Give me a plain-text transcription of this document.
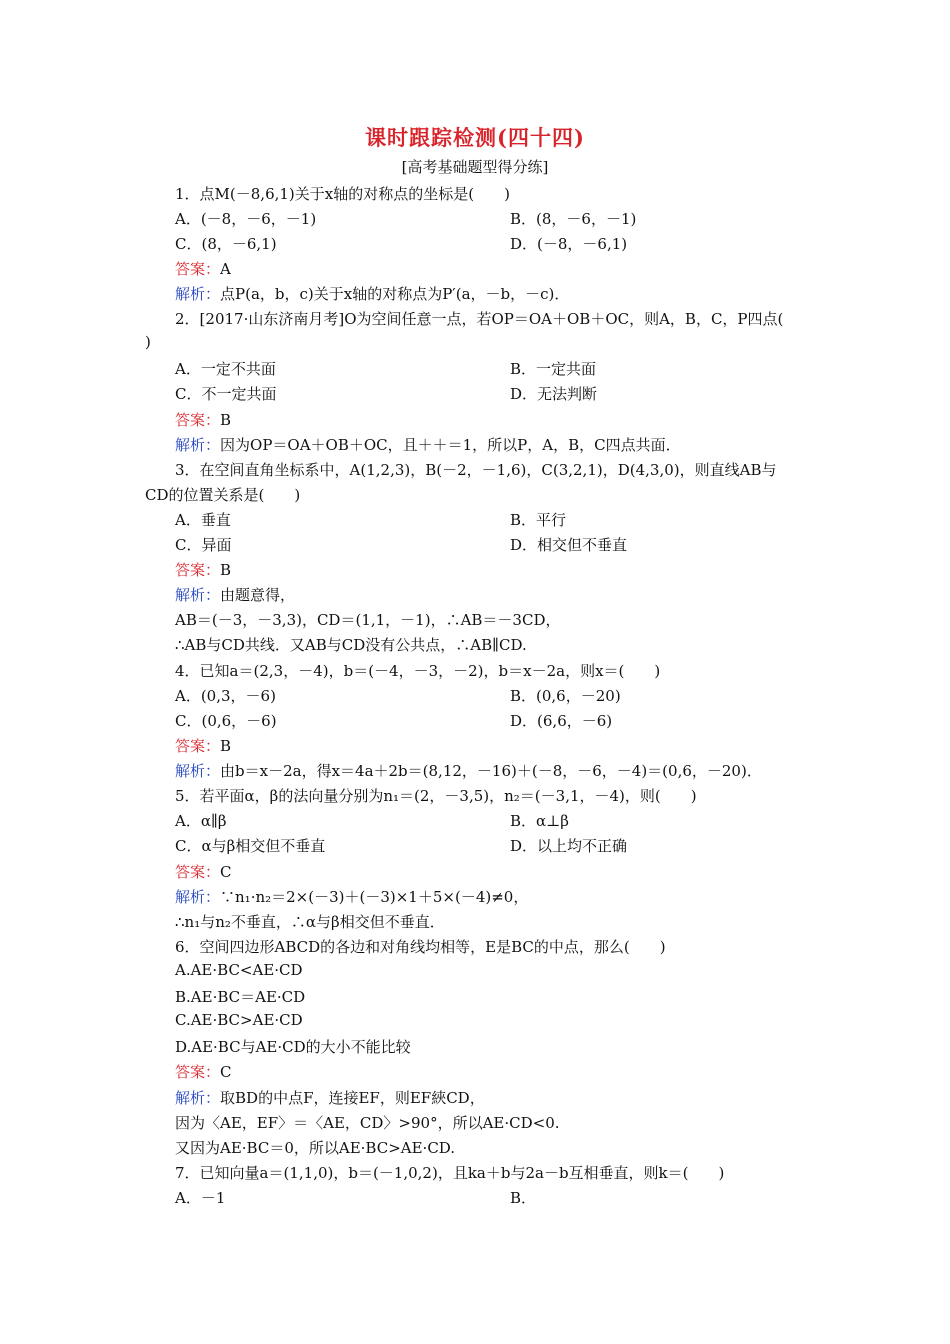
课时跟踪检测(四十四)
[高考基础题型得分练]
1．点M(－8,6,1)关于x轴的对称点的坐标是(　　)
A．(－8，－6，－1)	B．(8，－6，－1)
C．(8，－6,1)	D．(－8，－6,1)
答案：A
解析：点P(a，b，c)关于x轴的对称点为P′(a，－b，－c)．
2．[2017·山东济南月考]O为空间任意一点，若OP＝OA＋OB＋OC，则A，B，C，P四点(
)
A．一定不共面	B．一定共面
C．不一定共面	D．无法判断
答案：B
解析：因为OP＝OA＋OB＋OC，且＋＋＝1，所以P，A，B，C四点共面．
3．在空间直角坐标系中，A(1,2,3)，B(－2，－1,6)，C(3,2,1)，D(4,3,0)，则直线AB与
CD的位置关系是(　　)
A．垂直	B．平行
C．异面	D．相交但不垂直
答案：B
解析：由题意得，
AB＝(－3，－3,3)，CD＝(1,1，－1)，∴AB＝－3CD，
∴AB与CD共线．又AB与CD没有公共点，∴AB∥CD.
4．已知a＝(2,3，－4)，b＝(－4，－3，－2)，b＝x－2a，则x＝(　　)
A．(0,3，－6)	B．(0,6，－20)
C．(0,6，－6)	D．(6,6，－6)
答案：B
解析：由b＝x－2a，得x＝4a＋2b＝(8,12，－16)＋(－8，－6，－4)＝(0,6，－20)．
5．若平面α，β的法向量分别为n₁＝(2，－3,5)，n₂＝(－3,1，－4)，则(　　)
A．α∥β	B．α⊥β
C．α与β相交但不垂直	D．以上均不正确
答案：C
解析：∵n₁·n₂＝2×(－3)＋(－3)×1＋5×(－4)≠0，
∴n₁与n₂不垂直，∴α与β相交但不垂直．
6．空间四边形ABCD的各边和对角线均相等，E是BC的中点，那么(　　)
A.AE·BC<AE·CD
B.AE·BC＝AE·CD
C.AE·BC>AE·CD
D.AE·BC与AE·CD的大小不能比较
答案：C
解析：取BD的中点F，连接EF，则EF綊CD，
因为〈AE，EF〉＝〈AE，CD〉>90°，所以AE·CD<0.
又因为AE·BC＝0，所以AE·BC>AE·CD.
7．已知向量a＝(1,1,0)，b＝(－1,0,2)，且ka＋b与2a－b互相垂直，则k＝(　　)
A．－1	B．
